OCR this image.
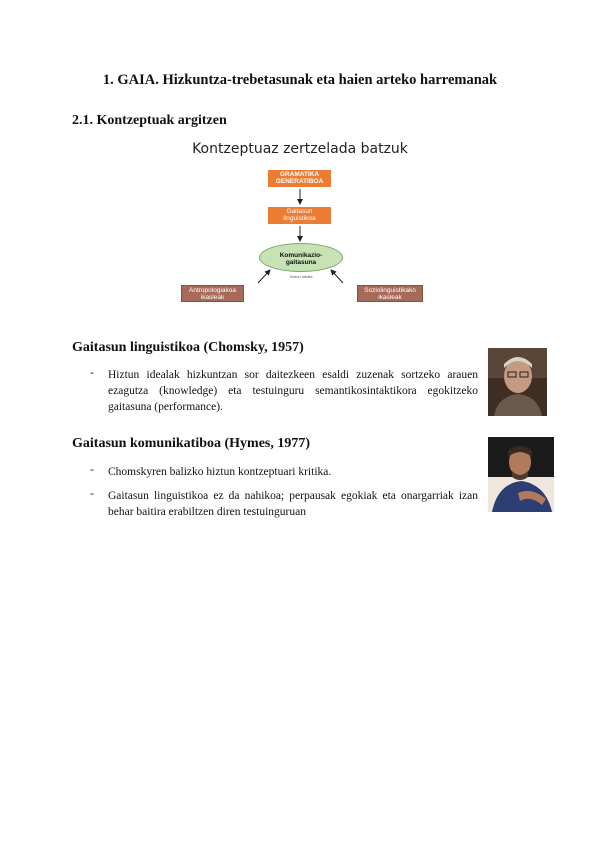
1. GAIA. Hizkuntza-trebetasunak eta haien arteko harremanak
2.1. Kontzeptuak argitzen
Kontzeptuaz zertzelada batzuk
GRAMATIKA
GENERATIBOA
Gaitasun
linguistikoa
Komunikazio-
gaitasuna
hiztun ideala
Antropologiakoa
ikasleak
Soziolinguistikako
ikasleak
Gaitasun linguistikoa (Chomsky, 1957)
- Hiztun idealak hizkuntzan sor daitezkeen esaldi zuzenak sortzeko arauen ezagutza (knowledge) eta testuinguru semantikosintaktikora egokitzeko gaitasuna (performance).
Gaitasun komunikatiboa (Hymes, 1977)
- Chomskyren balizko hiztun kontzeptuari kritika.
- Gaitasun linguistikoa ez da nahikoa; perpausak egokiak eta onargarriak izan behar baitira erabiltzen diren testuinguruan
